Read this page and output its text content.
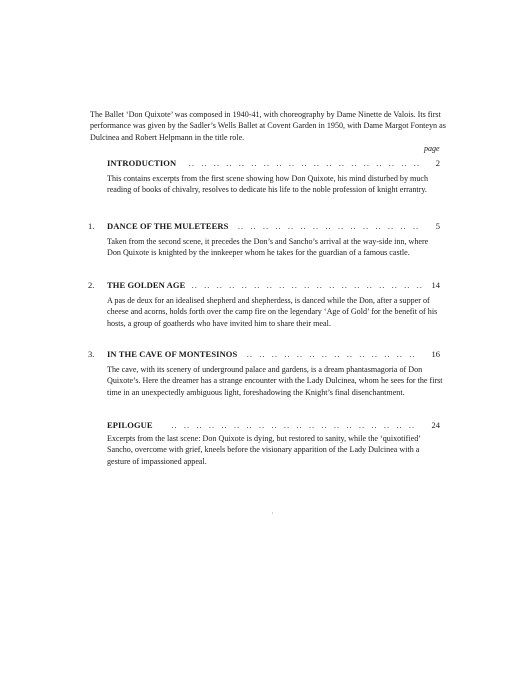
The Ballet ‘Don Quixote’ was composed in 1940-41, with choreography by Dame Ninette de Valois. Its first performance was given by the Sadler’s Wells Ballet at Covent Garden in 1950, with Dame Margot Fonteyn as Dulcinea and Robert Helpmann in the title role.

page

INTRODUCTION    ..  ..  ..  ..  ..  ..  ..  ..  ..  ..  ..  ..  ..  ..  ..  ..  ..  ..  ..	2

This contains excerpts from the first scene showing how Don Quixote, his mind disturbed by much reading of books of chivalry, resolves to dedicate his life to the noble profession of knight errantry.

1. DANCE OF THE MULETEERS   ..  ..  ..  ..  ..  ..  ..  ..  ..  ..  ..  ..  ..  ..  ..	5

Taken from the second scene, it precedes the Don’s and Sancho’s arrival at the way-side inn, where Don Quixote is knighted by the innkeeper whom he takes for the guardian of a famous castle.

2. THE GOLDEN AGE  ..  ..  ..  ..  ..  ..  ..  ..  ..  ..  ..  ..  ..  ..  ..  ..  ..  ..  ..	14

A pas de deux for an idealised shepherd and shepherdess, is danced while the Don, after a supper of cheese and acorns, holds forth over the camp fire on the legendary ‘Age of Gold’ for the benefit of his hosts, a group of goatherds who have invited him to share their meal.

3. IN THE CAVE OF MONTESINOS   ..  ..  ..  ..  ..  ..  ..  ..  ..  ..  ..  ..  ..  ..	16

The cave, with its scenery of underground palace and gardens, is a dream phantasmagoria of Don Quixote’s. Here the dreamer has a strange encounter with the Lady Dulcinea, whom he sees for the first time in an unexpectedly ambiguous light, foreshadowing the Knight’s final disenchantment.

EPILOGUE      ..  ..  ..  ..  ..  ..  ..  ..  ..  ..  ..  ..  ..  ..  ..  ..  ..  ..  ..  ..	24

Excerpts from the last scene: Don Quixote is dying, but restored to sanity, while the ‘quixotified’ Sancho, overcome with grief, kneels before the visionary apparition of the Lady Dulcinea with a gesture of impassioned appeal.
